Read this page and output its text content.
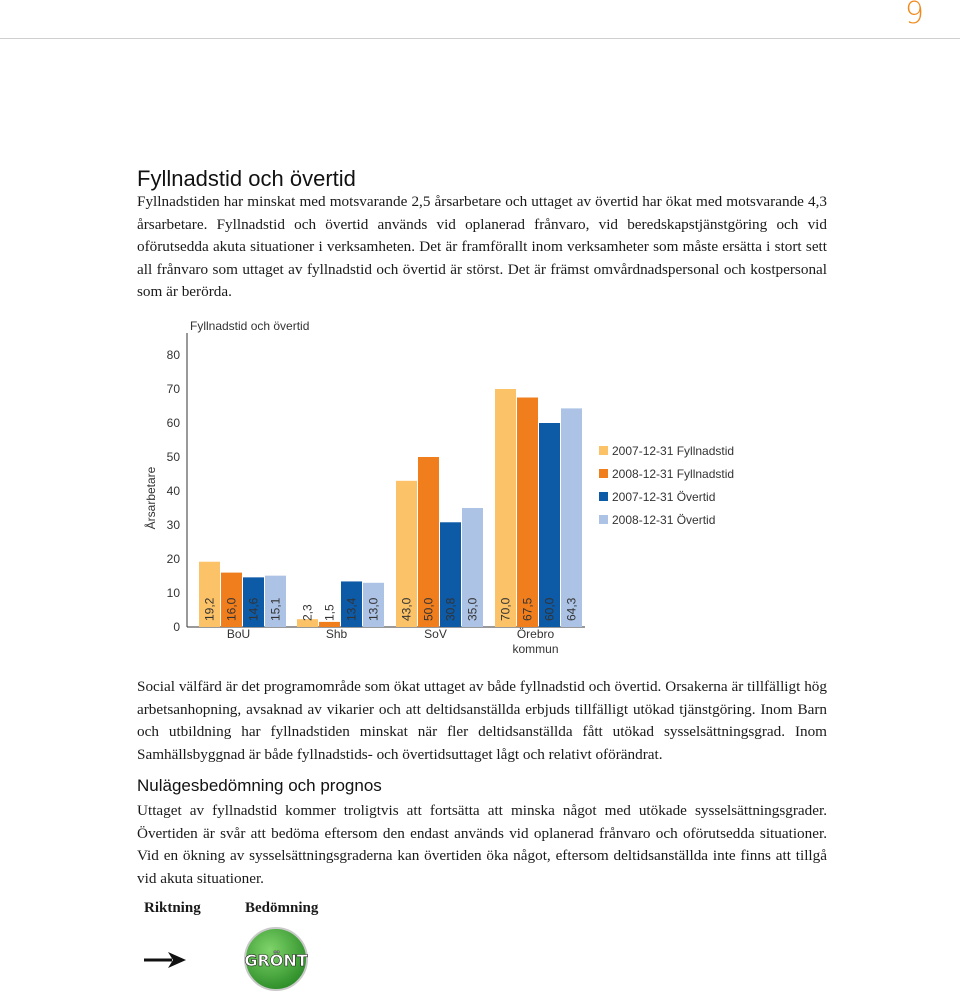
9
Fyllnadstid och övertid
Fyllnadstiden har minskat med motsvarande 2,5 årsarbetare och uttaget av övertid har ökat med motsvarande 4,3 årsarbetare. Fyllnadstid och övertid används vid oplanerad frånvaro, vid beredskapstjänstgöring och vid oförutsedda akuta situationer i verksamheten. Det är framförallt inom verksamheter som måste ersätta i stort sett all frånvaro som uttaget av fyllnadstid och övertid är störst. Det är främst omvårdnadspersonal och kostpersonal som är berörda.
0
10
20
30
40
50
60
70
80
Fyllnadstid och övertid
Årsarbetare
19,2 16,0 14,6 15,1
BoU
2,3 1,5 13,4 13,0
Shb
43,0 50,0 30,8 35,0
SoV
70,0 67,5 60,0 64,3
Örebro
kommun
2007-12-31 Fyllnadstid
2008-12-31 Fyllnadstid
2007-12-31 Övertid
2008-12-31 Övertid
Social välfärd är det programområde som ökat uttaget av både fyllnadstid och övertid. Orsakerna är tillfälligt hög arbetsanhopning, avsaknad av vikarier och att deltidsanställda erbjuds tillfälligt utökad tjänstgöring. Inom Barn och utbildning har fyllnadstiden minskat när fler deltidsanställda fått utökad sysselsättningsgrad. Inom Samhällsbyggnad är både fyllnadstids- och övertidsuttaget lågt och relativt oförändrat.
Nulägesbedömning och prognos
Uttaget av fyllnadstid kommer troligtvis att fortsätta att minska något med utökade sysselsättningsgrader. Övertiden är svår att bedöma eftersom den endast används vid oplanerad frånvaro och oförutsedda situationer. Vid en ökning av sysselsättningsgraderna kan övertiden öka något, eftersom deltidsanställda inte finns att tillgå vid akuta situationer.
Riktning	Bedömning
GRÖNT
